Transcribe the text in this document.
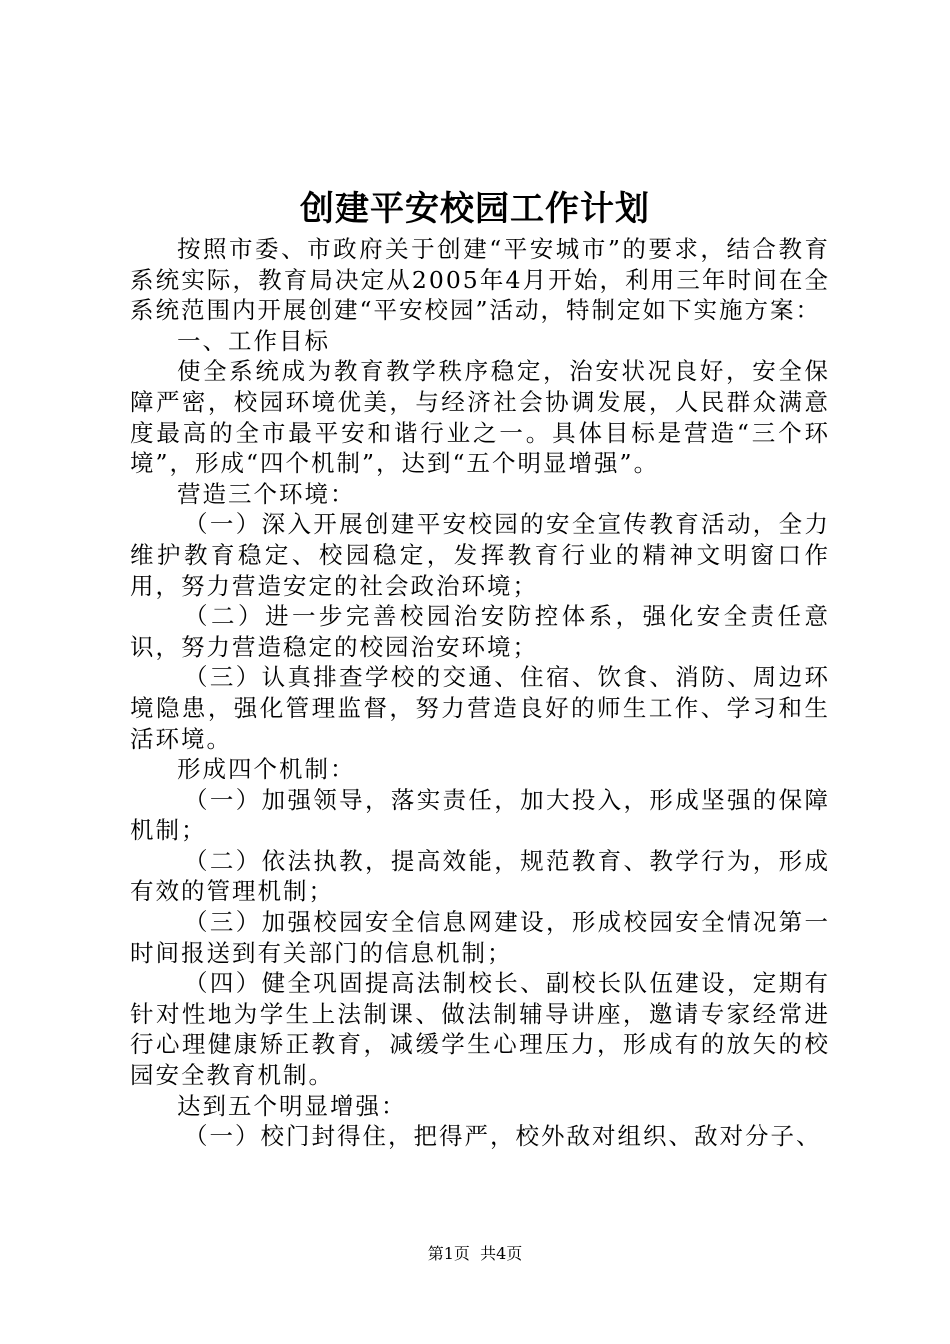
创建平安校园工作计划

按照市委、市政府关于创建“平安城市”的要求，结合教育系统实际，教育局决定从2005年4月开始，利用三年时间在全系统范围内开展创建“平安校园”活动，特制定如下实施方案：

一、工作目标

使全系统成为教育教学秩序稳定，治安状况良好，安全保障严密，校园环境优美，与经济社会协调发展，人民群众满意度最高的全市最平安和谐行业之一。具体目标是营造“三个环境”，形成“四个机制”，达到“五个明显增强”。

营造三个环境：

（一）深入开展创建平安校园的安全宣传教育活动，全力维护教育稳定、校园稳定，发挥教育行业的精神文明窗口作用，努力营造安定的社会政治环境；

（二）进一步完善校园治安防控体系，强化安全责任意识，努力营造稳定的校园治安环境；

（三）认真排查学校的交通、住宿、饮食、消防、周边环境隐患，强化管理监督，努力营造良好的师生工作、学习和生活环境。

形成四个机制：

（一）加强领导，落实责任，加大投入，形成坚强的保障机制；

（二）依法执教，提高效能，规范教育、教学行为，形成有效的管理机制；

（三）加强校园安全信息网建设，形成校园安全情况第一时间报送到有关部门的信息机制；

（四）健全巩固提高法制校长、副校长队伍建设，定期有针对性地为学生上法制课、做法制辅导讲座，邀请专家经常进行心理健康矫正教育，减缓学生心理压力，形成有的放矢的校园安全教育机制。

达到五个明显增强：

（一）校门封得住，把得严，校外敌对组织、敌对分子、

第1页 共4页
